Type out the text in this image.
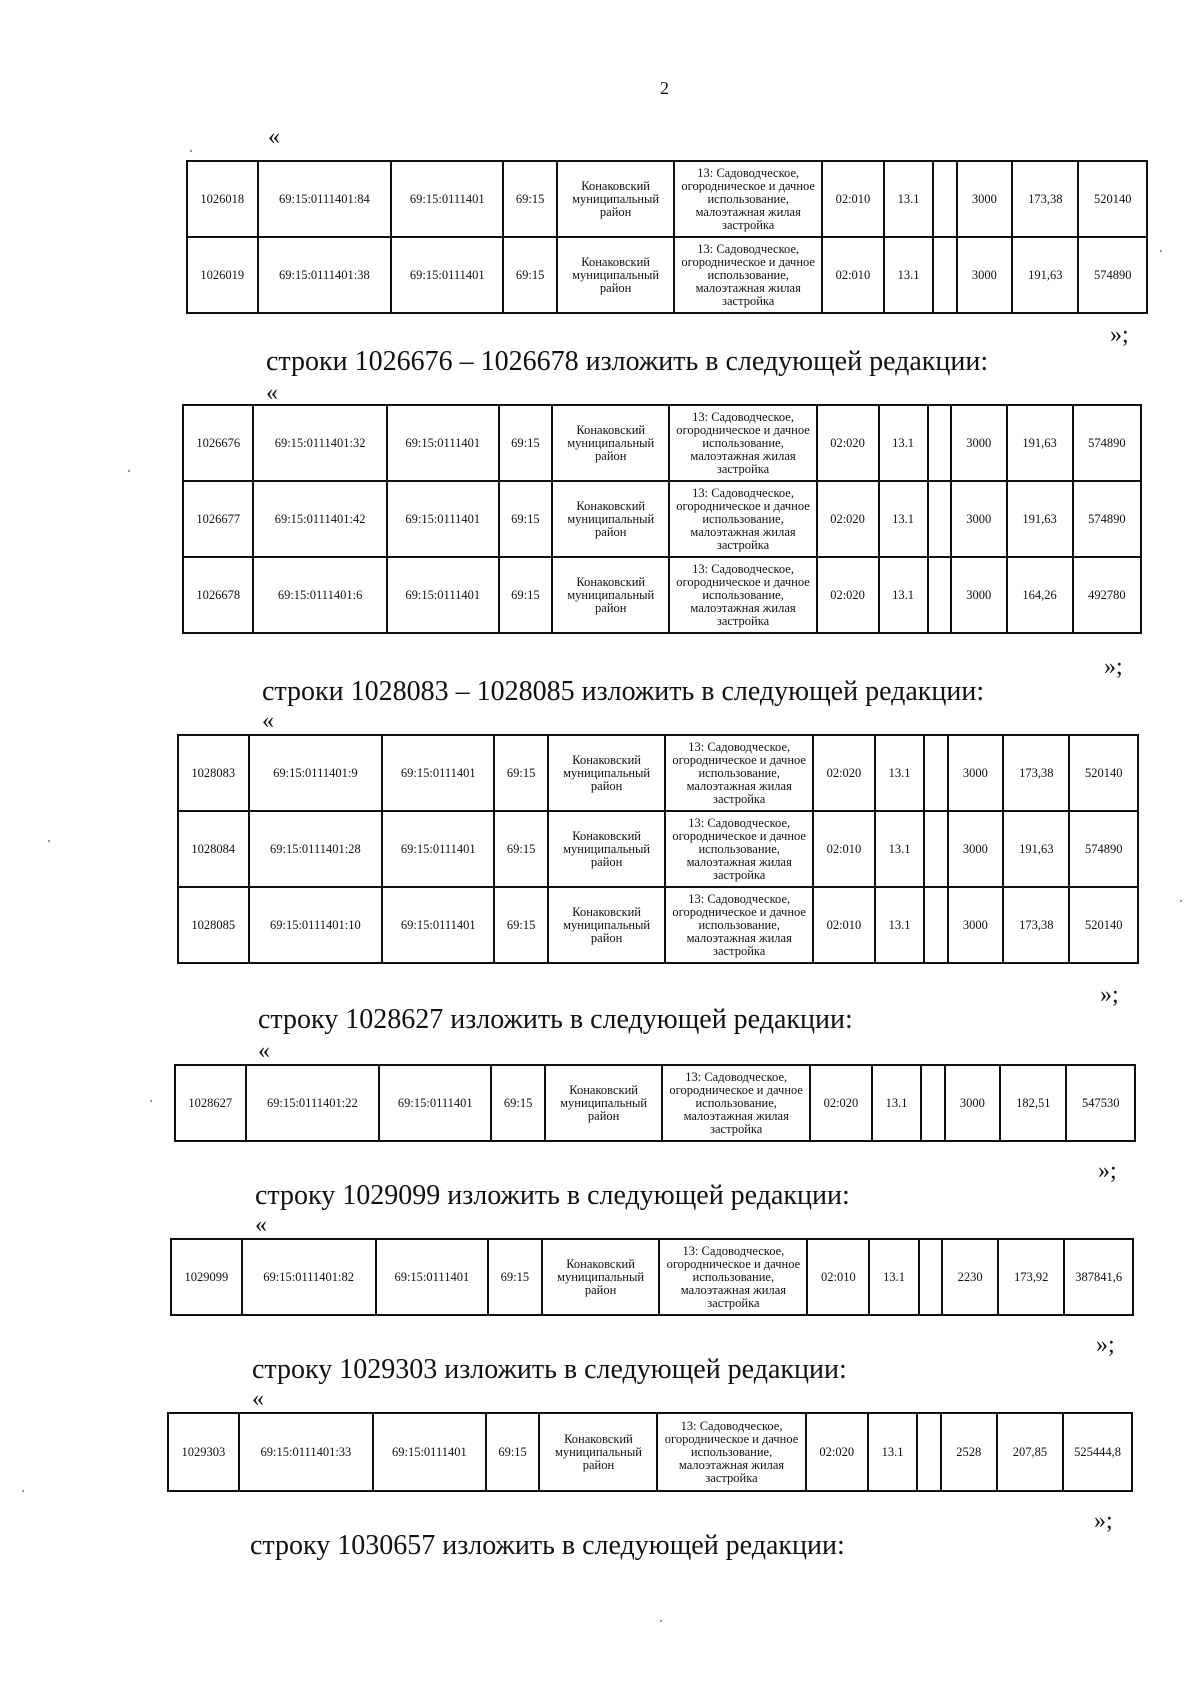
2
«
1026018	69:15:0111401:84	69:15:0111401	69:15	Конаковский муниципальный район	13: Садоводческое, огородническое и дачное использование, малоэтажная жилая застройка	02:010	13.1		3000	173,38	520140
1026019	69:15:0111401:38	69:15:0111401	69:15	Конаковский муниципальный район	13: Садоводческое, огородническое и дачное использование, малоэтажная жилая застройка	02:010	13.1		3000	191,63	574890
»;
строки 1026676 – 1026678 изложить в следующей редакции:
«
1026676	69:15:0111401:32	69:15:0111401	69:15	Конаковский муниципальный район	13: Садоводческое, огородническое и дачное использование, малоэтажная жилая застройка	02:020	13.1		3000	191,63	574890
1026677	69:15:0111401:42	69:15:0111401	69:15	Конаковский муниципальный район	13: Садоводческое, огородническое и дачное использование, малоэтажная жилая застройка	02:020	13.1		3000	191,63	574890
1026678	69:15:0111401:6	69:15:0111401	69:15	Конаковский муниципальный район	13: Садоводческое, огородническое и дачное использование, малоэтажная жилая застройка	02:020	13.1		3000	164,26	492780
»;
строки 1028083 – 1028085 изложить в следующей редакции:
«
1028083	69:15:0111401:9	69:15:0111401	69:15	Конаковский муниципальный район	13: Садоводческое, огородническое и дачное использование, малоэтажная жилая застройка	02:020	13.1		3000	173,38	520140
1028084	69:15:0111401:28	69:15:0111401	69:15	Конаковский муниципальный район	13: Садоводческое, огородническое и дачное использование, малоэтажная жилая застройка	02:010	13.1		3000	191,63	574890
1028085	69:15:0111401:10	69:15:0111401	69:15	Конаковский муниципальный район	13: Садоводческое, огородническое и дачное использование, малоэтажная жилая застройка	02:010	13.1		3000	173,38	520140
»;
строку 1028627 изложить в следующей редакции:
«
1028627	69:15:0111401:22	69:15:0111401	69:15	Конаковский муниципальный район	13: Садоводческое, огородническое и дачное использование, малоэтажная жилая застройка	02:020	13.1		3000	182,51	547530
»;
строку 1029099 изложить в следующей редакции:
«
1029099	69:15:0111401:82	69:15:0111401	69:15	Конаковский муниципальный район	13: Садоводческое, огородническое и дачное использование, малоэтажная жилая застройка	02:010	13.1		2230	173,92	387841,6
»;
строку 1029303 изложить в следующей редакции:
«
1029303	69:15:0111401:33	69:15:0111401	69:15	Конаковский муниципальный район	13: Садоводческое, огородническое и дачное использование, малоэтажная жилая застройка	02:020	13.1		2528	207,85	525444,8
»;
строку 1030657 изложить в следующей редакции:
